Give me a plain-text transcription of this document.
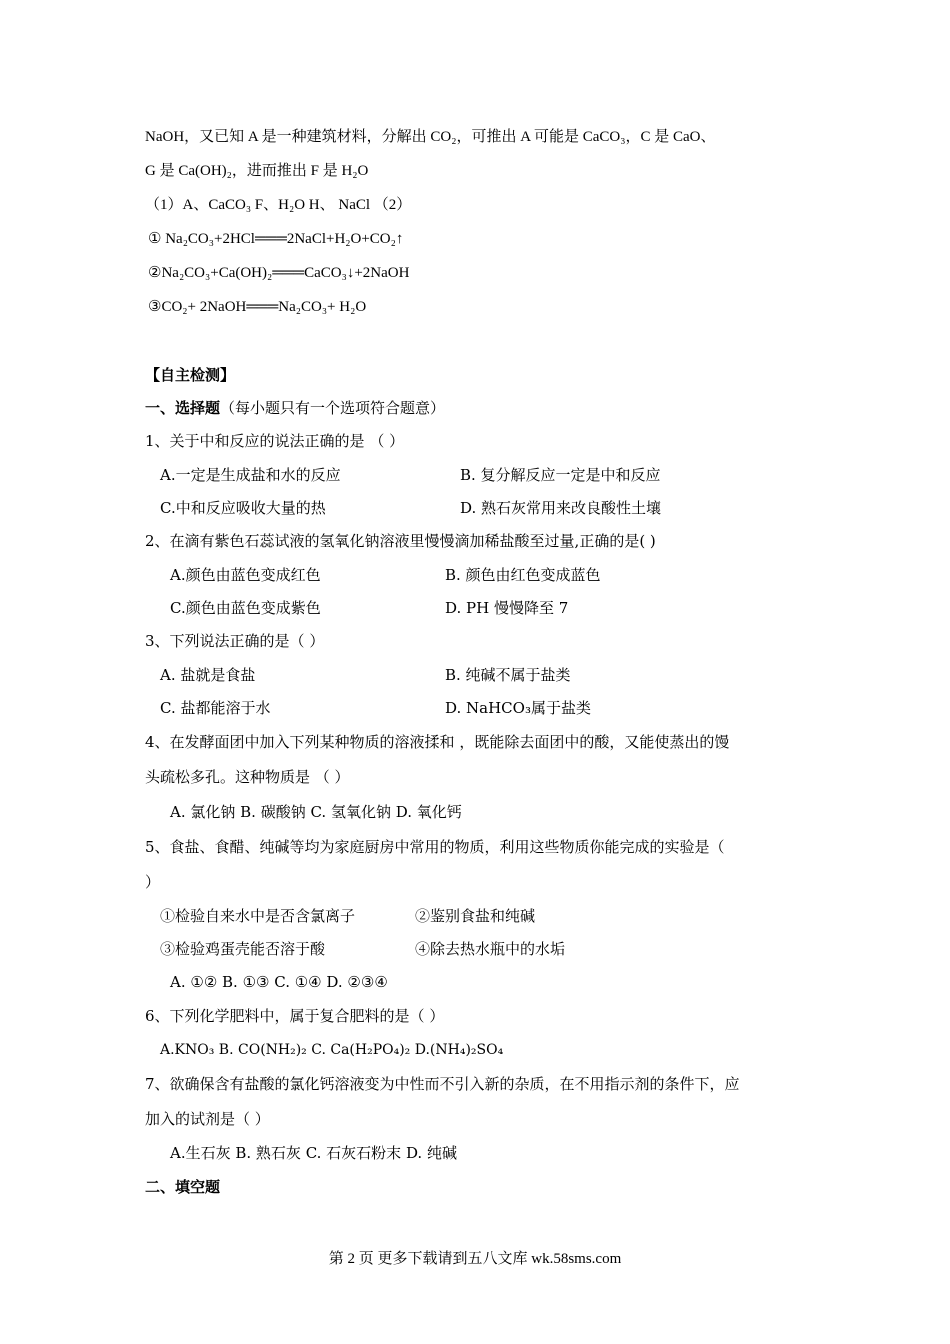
NaOH，又已知 A 是一种建筑材料，分解出 CO₂，可推出 A 可能是 CaCO₃，C 是 CaO、
G 是 Ca(OH)₂，进而推出 F 是 H₂O
（1）A、CaCO₃ F、H₂O H、 NaCl （2）
① Na₂CO₃+2HCl═══2NaCl+H₂O+CO₂↑
②Na₂CO₃+Ca(OH)₂═══CaCO₃↓+2NaOH
③CO₂+ 2NaOH═══Na₂CO₃+ H₂O
【自主检测】
一、选择题（每小题只有一个选项符合题意）
1、关于中和反应的说法正确的是 （ ）
A.一定是生成盐和水的反应	B. 复分解反应一定是中和反应
C.中和反应吸收大量的热	D. 熟石灰常用来改良酸性土壤
2、在滴有紫色石蕊试液的氢氧化钠溶液里慢慢滴加稀盐酸至过量,正确的是( )
A.颜色由蓝色变成红色	B. 颜色由红色变成蓝色
C.颜色由蓝色变成紫色	D. PH 慢慢降至 7
3、下列说法正确的是（ ）
A. 盐就是食盐	B. 纯碱不属于盐类
C. 盐都能溶于水	D. NaHCO₃属于盐类
4、在发酵面团中加入下列某种物质的溶液揉和 ，既能除去面团中的酸，又能使蒸出的馒
头疏松多孔。这种物质是 （ ）
A. 氯化钠 B. 碳酸钠 C. 氢氧化钠 D. 氧化钙
5、食盐、食醋、纯碱等均为家庭厨房中常用的物质，利用这些物质你能完成的实验是（
）
①检验自来水中是否含氯离子	②鉴别食盐和纯碱
③检验鸡蛋壳能否溶于酸	④除去热水瓶中的水垢
A. ①② B. ①③ C. ①④ D. ②③④
6、下列化学肥料中，属于复合肥料的是（ ）
A.KNO₃ B. CO(NH₂)₂ C. Ca(H₂PO₄)₂ D.(NH₄)₂SO₄
7、欲确保含有盐酸的氯化钙溶液变为中性而不引入新的杂质，在不用指示剂的条件下，应
加入的试剂是（ ）
A.生石灰 B. 熟石灰 C. 石灰石粉末 D. 纯碱
二、填空题
第 2 页 更多下载请到五八文库 wk.58sms.com
